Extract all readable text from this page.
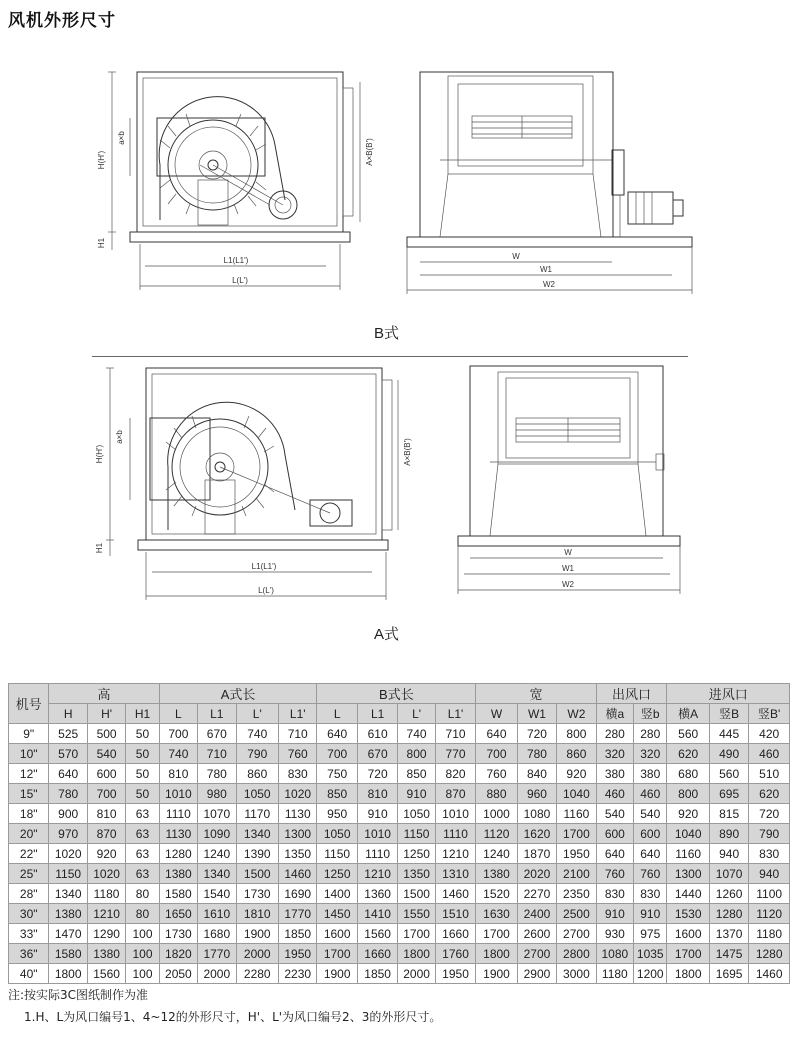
风机外形尺寸
H(H')
a×b
H1
A×B(B')
L1(L1')
L(L')
W
W1
W2
H(H')
a×b
H1
A×B(B')
L1(L1')
L(L')
W
W1
W2
B式
A式
机号	高			A式长				B式长				宽			出风口		进风口		
	H	H'	H1	L	L1	L'	L1'	L	L1	L'	L1'	W	W1	W2	横a	竖b	横A	竖B	竖B'
9"	525	500	50	700	670	740	710	640	610	740	710	640	720	800	280	280	560	445	420
10"	570	540	50	740	710	790	760	700	670	800	770	700	780	860	320	320	620	490	460
12"	640	600	50	810	780	860	830	750	720	850	820	760	840	920	380	380	680	560	510
15"	780	700	50	1010	980	1050	1020	850	810	910	870	880	960	1040	460	460	800	695	620
18"	900	810	63	1110	1070	1170	1130	950	910	1050	1010	1000	1080	1160	540	540	920	815	720
20"	970	870	63	1130	1090	1340	1300	1050	1010	1150	1110	1120	1620	1700	600	600	1040	890	790
22"	1020	920	63	1280	1240	1390	1350	1150	1110	1250	1210	1240	1870	1950	640	640	1160	940	830
25"	1150	1020	63	1380	1340	1500	1460	1250	1210	1350	1310	1380	2020	2100	760	760	1300	1070	940
28"	1340	1180	80	1580	1540	1730	1690	1400	1360	1500	1460	1520	2270	2350	830	830	1440	1260	1100
30"	1380	1210	80	1650	1610	1810	1770	1450	1410	1550	1510	1630	2400	2500	910	910	1530	1280	1120
33"	1470	1290	100	1730	1680	1900	1850	1600	1560	1700	1660	1700	2600	2700	930	975	1600	1370	1180
36"	1580	1380	100	1820	1770	2000	1950	1700	1660	1800	1760	1800	2700	2800	1080	1035	1700	1475	1280
40"	1800	1560	100	2050	2000	2280	2230	1900	1850	2000	1950	1900	2900	3000	1180	1200	1800	1695	1460
注:按实际3C图纸制作为准
1.H、L为风口编号1、4~12的外形尺寸，H'、L'为风口编号2、3的外形尺寸。
